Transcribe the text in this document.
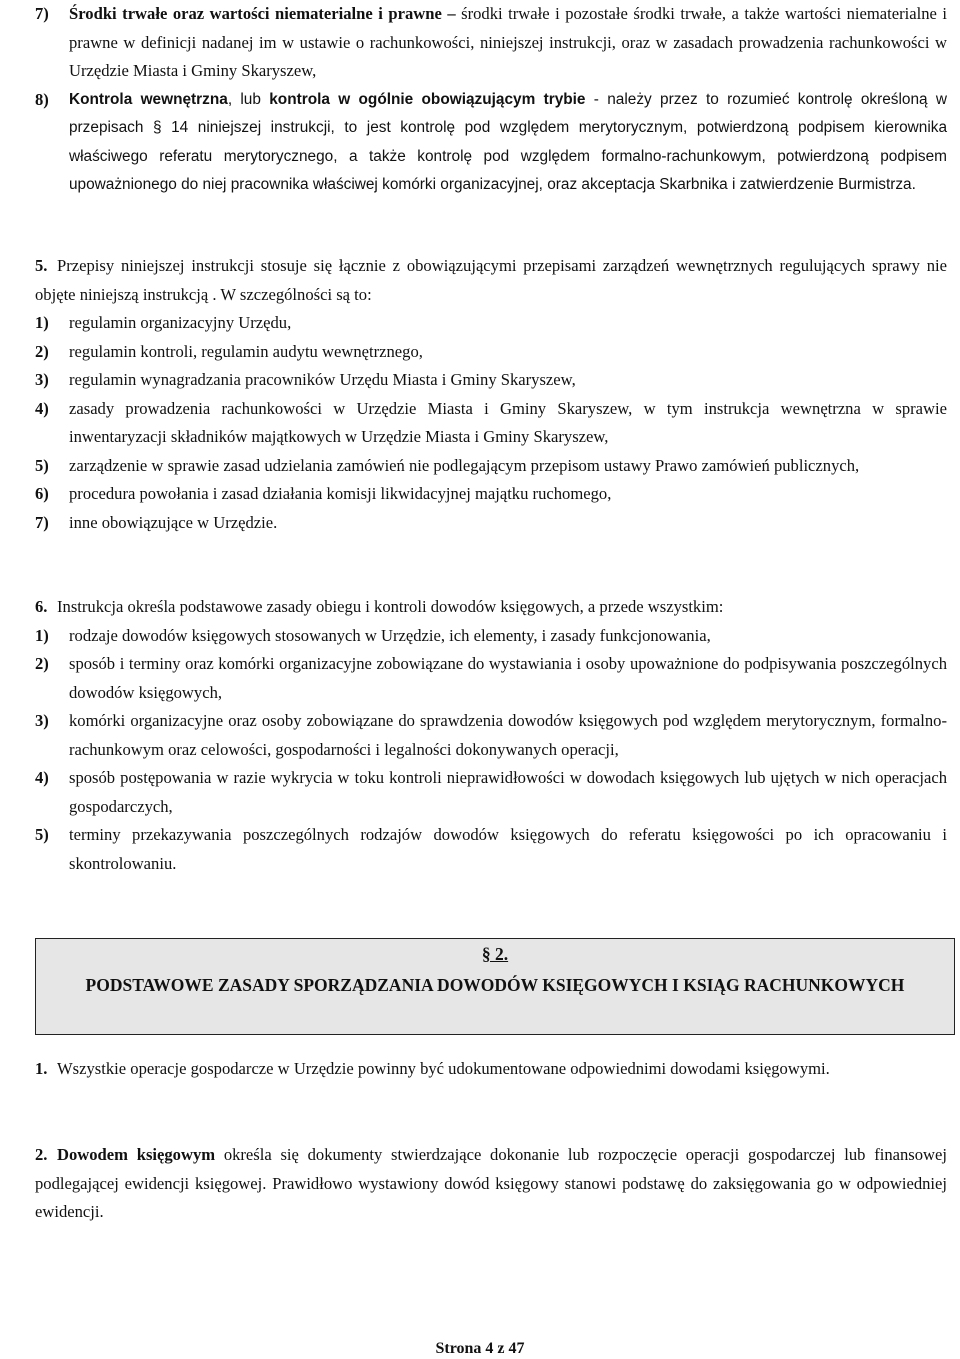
7)	Środki trwałe oraz wartości niematerialne i prawne – środki trwałe i pozostałe środki trwałe, a także wartości niematerialne i prawne w definicji nadanej im w ustawie o rachunkowości, niniejszej instrukcji, oraz w zasadach prowadzenia rachunkowości w Urzędzie Miasta i Gminy Skaryszew,
8)	Kontrola wewnętrzna, lub kontrola w ogólnie obowiązującym trybie - należy przez to rozumieć kontrolę określoną w przepisach § 14 niniejszej instrukcji, to jest kontrolę pod względem merytorycznym, potwierdzoną podpisem kierownika właściwego referatu merytorycznego, a także kontrolę pod względem formalno-rachunkowym, potwierdzoną podpisem upoważnionego do niej pracownika właściwej komórki organizacyjnej, oraz akceptacja Skarbnika i zatwierdzenie Burmistrza.
5. Przepisy niniejszej instrukcji stosuje się łącznie z obowiązującymi przepisami zarządzeń wewnętrznych regulujących sprawy nie objęte niniejszą instrukcją . W szczególności są to:
1)	regulamin organizacyjny Urzędu,
2)	regulamin kontroli, regulamin audytu wewnętrznego,
3)	regulamin wynagradzania pracowników Urzędu Miasta i Gminy Skaryszew,
4)	zasady prowadzenia rachunkowości w Urzędzie Miasta i Gminy Skaryszew, w tym instrukcja wewnętrzna w sprawie inwentaryzacji składników majątkowych w Urzędzie Miasta i Gminy Skaryszew,
5)	zarządzenie w sprawie zasad udzielania zamówień nie podlegającym przepisom ustawy Prawo zamówień publicznych,
6)	procedura powołania i zasad działania komisji likwidacyjnej majątku ruchomego,
7)	inne obowiązujące w Urzędzie.
6. Instrukcja określa podstawowe zasady obiegu i kontroli dowodów księgowych, a przede wszystkim:
1)	rodzaje dowodów księgowych stosowanych w Urzędzie, ich elementy, i zasady funkcjonowania,
2)	sposób i terminy oraz komórki organizacyjne zobowiązane do wystawiania i osoby upoważnione do podpisywania poszczególnych dowodów księgowych,
3)	komórki organizacyjne oraz osoby zobowiązane do sprawdzenia dowodów księgowych pod względem merytorycznym, formalno-rachunkowym oraz celowości, gospodarności i legalności dokonywanych operacji,
4)	sposób postępowania w razie wykrycia w toku kontroli nieprawidłowości w dowodach księgowych lub ujętych w nich operacjach gospodarczych,
5)	terminy przekazywania poszczególnych rodzajów dowodów księgowych do referatu księgowości po ich opracowaniu i skontrolowaniu.
§ 2.
PODSTAWOWE ZASADY SPORZĄDZANIA DOWODÓW KSIĘGOWYCH I KSIĄG RACHUNKOWYCH
1. Wszystkie operacje gospodarcze w Urzędzie powinny być udokumentowane odpowiednimi dowodami księgowymi.
2. Dowodem księgowym określa się dokumenty stwierdzające dokonanie lub rozpoczęcie operacji gospodarczej lub finansowej podlegającej ewidencji księgowej. Prawidłowo wystawiony dowód księgowy stanowi podstawę do zaksięgowania go w odpowiedniej ewidencji.
Strona 4 z 47
